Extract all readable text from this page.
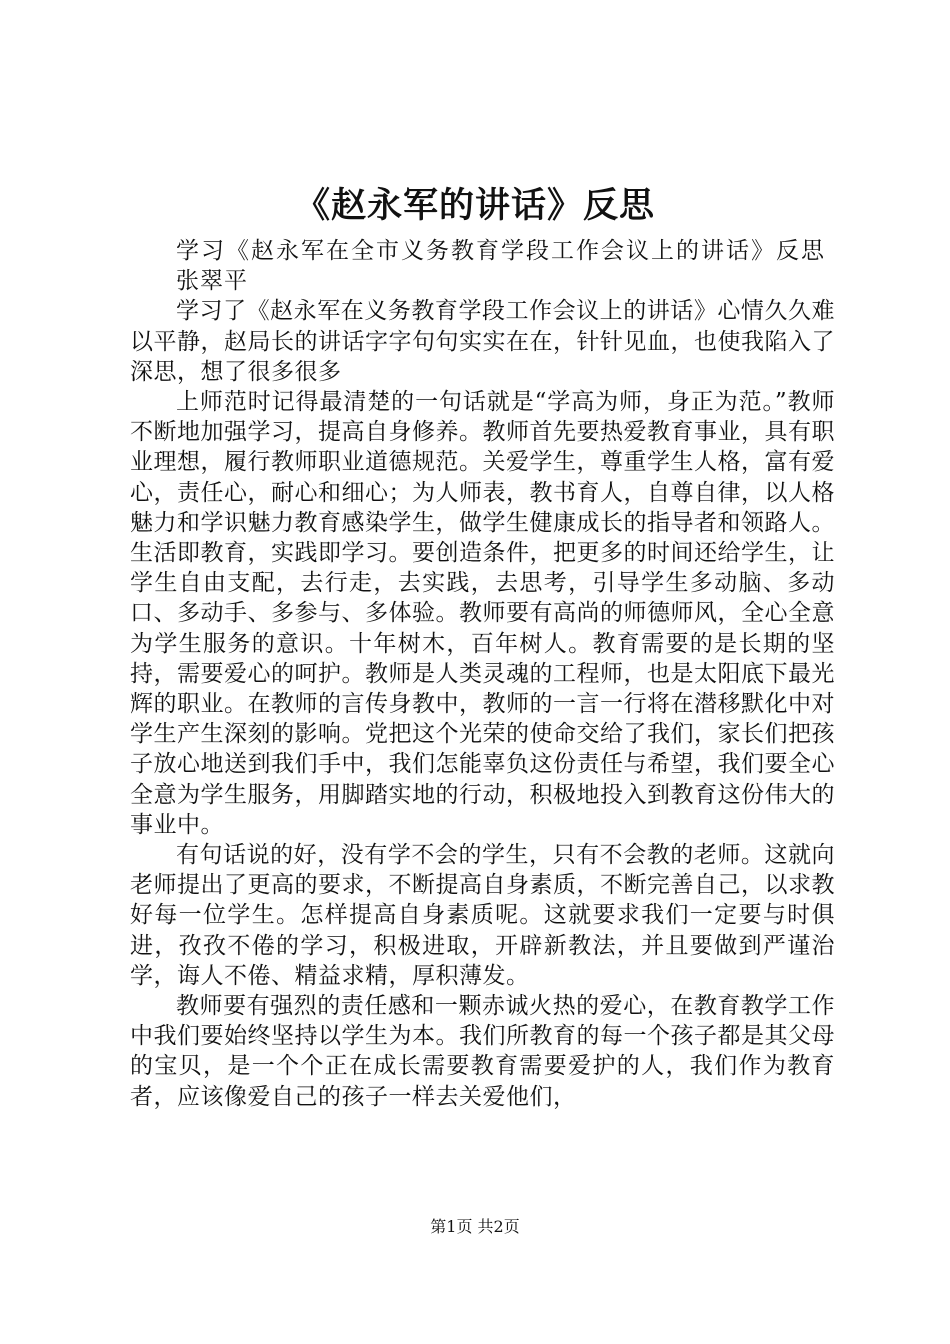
《赵永军的讲话》反思

学习《赵永军在全市义务教育学段工作会议上的讲话》反思

张翠平

学习了《赵永军在义务教育学段工作会议上的讲话》心情久久难以平静，赵局长的讲话字字句句实实在在，针针见血，也使我陷入了深思，想了很多很多

上师范时记得最清楚的一句话就是“学高为师，身正为范。”教师不断地加强学习，提高自身修养。教师首先要热爱教育事业，具有职业理想，履行教师职业道德规范。关爱学生，尊重学生人格，富有爱心，责任心，耐心和细心；为人师表，教书育人，自尊自律，以人格魅力和学识魅力教育感染学生，做学生健康成长的指导者和领路人。生活即教育，实践即学习。要创造条件，把更多的时间还给学生，让学生自由支配，去行走，去实践，去思考，引导学生多动脑、多动口、多动手、多参与、多体验。教师要有高尚的师德师风，全心全意为学生服务的意识。十年树木，百年树人。教育需要的是长期的坚持，需要爱心的呵护。教师是人类灵魂的工程师，也是太阳底下最光辉的职业。在教师的言传身教中，教师的一言一行将在潜移默化中对学生产生深刻的影响。党把这个光荣的使命交给了我们，家长们把孩子放心地送到我们手中，我们怎能辜负这份责任与希望，我们要全心全意为学生服务，用脚踏实地的行动，积极地投入到教育这份伟大的事业中。

有句话说的好，没有学不会的学生，只有不会教的老师。这就向老师提出了更高的要求，不断提高自身素质，不断完善自己，以求教好每一位学生。怎样提高自身素质呢。这就要求我们一定要与时俱进，孜孜不倦的学习，积极进取，开辟新教法，并且要做到严谨治学，诲人不倦、精益求精，厚积薄发。

教师要有强烈的责任感和一颗赤诚火热的爱心，在教育教学工作中我们要始终坚持以学生为本。我们所教育的每一个孩子都是其父母的宝贝，是一个个正在成长需要教育需要爱护的人，我们作为教育者，应该像爱自己的孩子一样去关爱他们，

第1页 共2页
